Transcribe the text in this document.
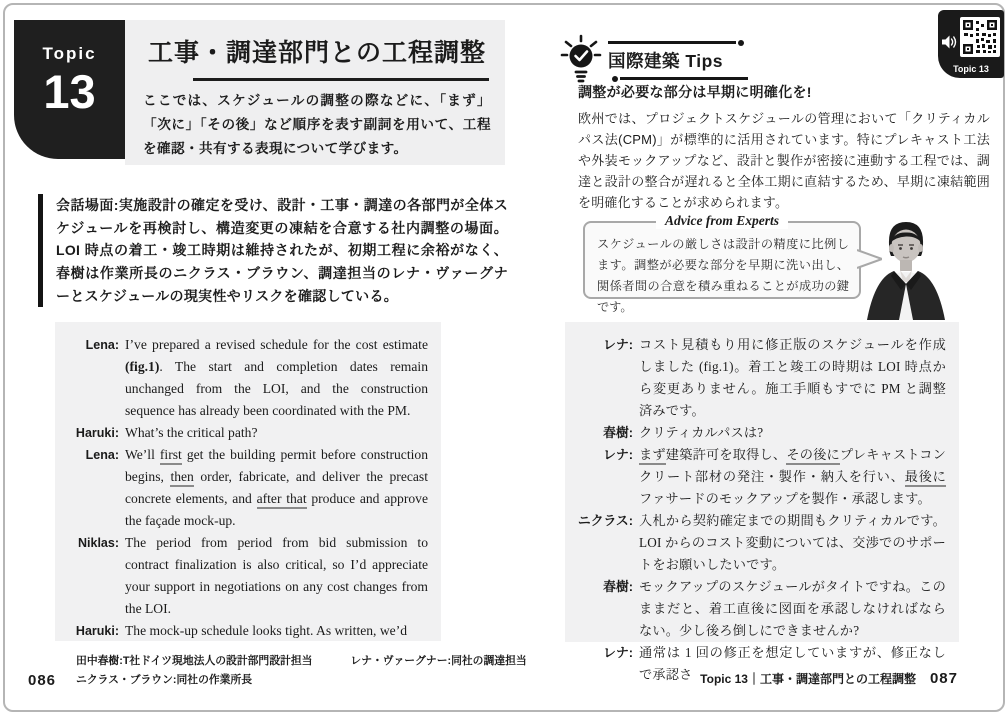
Topic
13
工事・調達部門との工程調整

ここでは、スケジュールの調整の際などに、「まず」「次に」「その後」など順序を表す副詞を用いて、工程を確認・共有する表現について学びます。

会話場面:実施設計の確定を受け、設計・工事・調達の各部門が全体スケジュールを再検討し、構造変更の凍結を合意する社内調整の場面。LOI 時点の着工・竣工時期は維持されたが、初期工程に余裕がなく、春樹は作業所長のニクラス・ブラウン、調達担当のレナ・ヴァーグナーとスケジュールの現実性やリスクを確認している。
Lena: I’ve prepared a revised schedule for the cost estimate (fig.1). The start and completion dates remain unchanged from the LOI, and the construction sequence has already been coordinated with the PM.
Haruki: What’s the critical path?
Lena: We’ll first get the building permit before construction begins, then order, fabricate, and deliver the precast concrete elements, and after that produce and approve the façade mock-up.
Niklas: The period from period from bid submission to contract finalization is also critical, so I’d appreciate your support in negotiations on any cost changes from the LOI.
Haruki: The mock-up schedule looks tight. As written, we’d
086
田中春樹:T社ドイツ現地法人の設計部門設計担当	レナ・ヴァーグナー:同社の調達担当
ニクラス・ブラウン:同社の作業所長
国際建築 Tips	Topic 13
調整が必要な部分は早期に明確化を!

欧州では、プロジェクトスケジュールの管理において「クリティカルパス法(CPM)」が標準的に活用されています。特にプレキャスト工法や外装モックアップなど、設計と製作が密接に連動する工程では、調達と設計の整合が遅れると全体工期に直結するため、早期に凍結範囲を明確化することが求められます。

Advice from Experts
スケジュールの厳しさは設計の精度に比例します。調整が必要な部分を早期に洗い出し、関係者間の合意を積み重ねることが成功の鍵です。
レナ: コスト見積もり用に修正版のスケジュールを作成しました (fig.1)。着工と竣工の時期は LOI 時点から変更ありません。施工手順もすでに PM と調整済みです。
春樹: クリティカルパスは?
レナ: まず建築許可を取得し、その後にプレキャストコンクリート部材の発注・製作・納入を行い、最後にファサードのモックアップを製作・承認します。
ニクラス: 入札から契約確定までの期間もクリティカルです。LOI からのコスト変動については、交渉でのサポートをお願いしたいです。
春樹: モックアップのスケジュールがタイトですね。このままだと、着工直後に図面を承認しなければならない。少し後ろ倒しにできませんか?
レナ: 通常は 1 回の修正を想定していますが、修正なしで承認さ Topic 13｜工事・調達部門との工程調整 087
